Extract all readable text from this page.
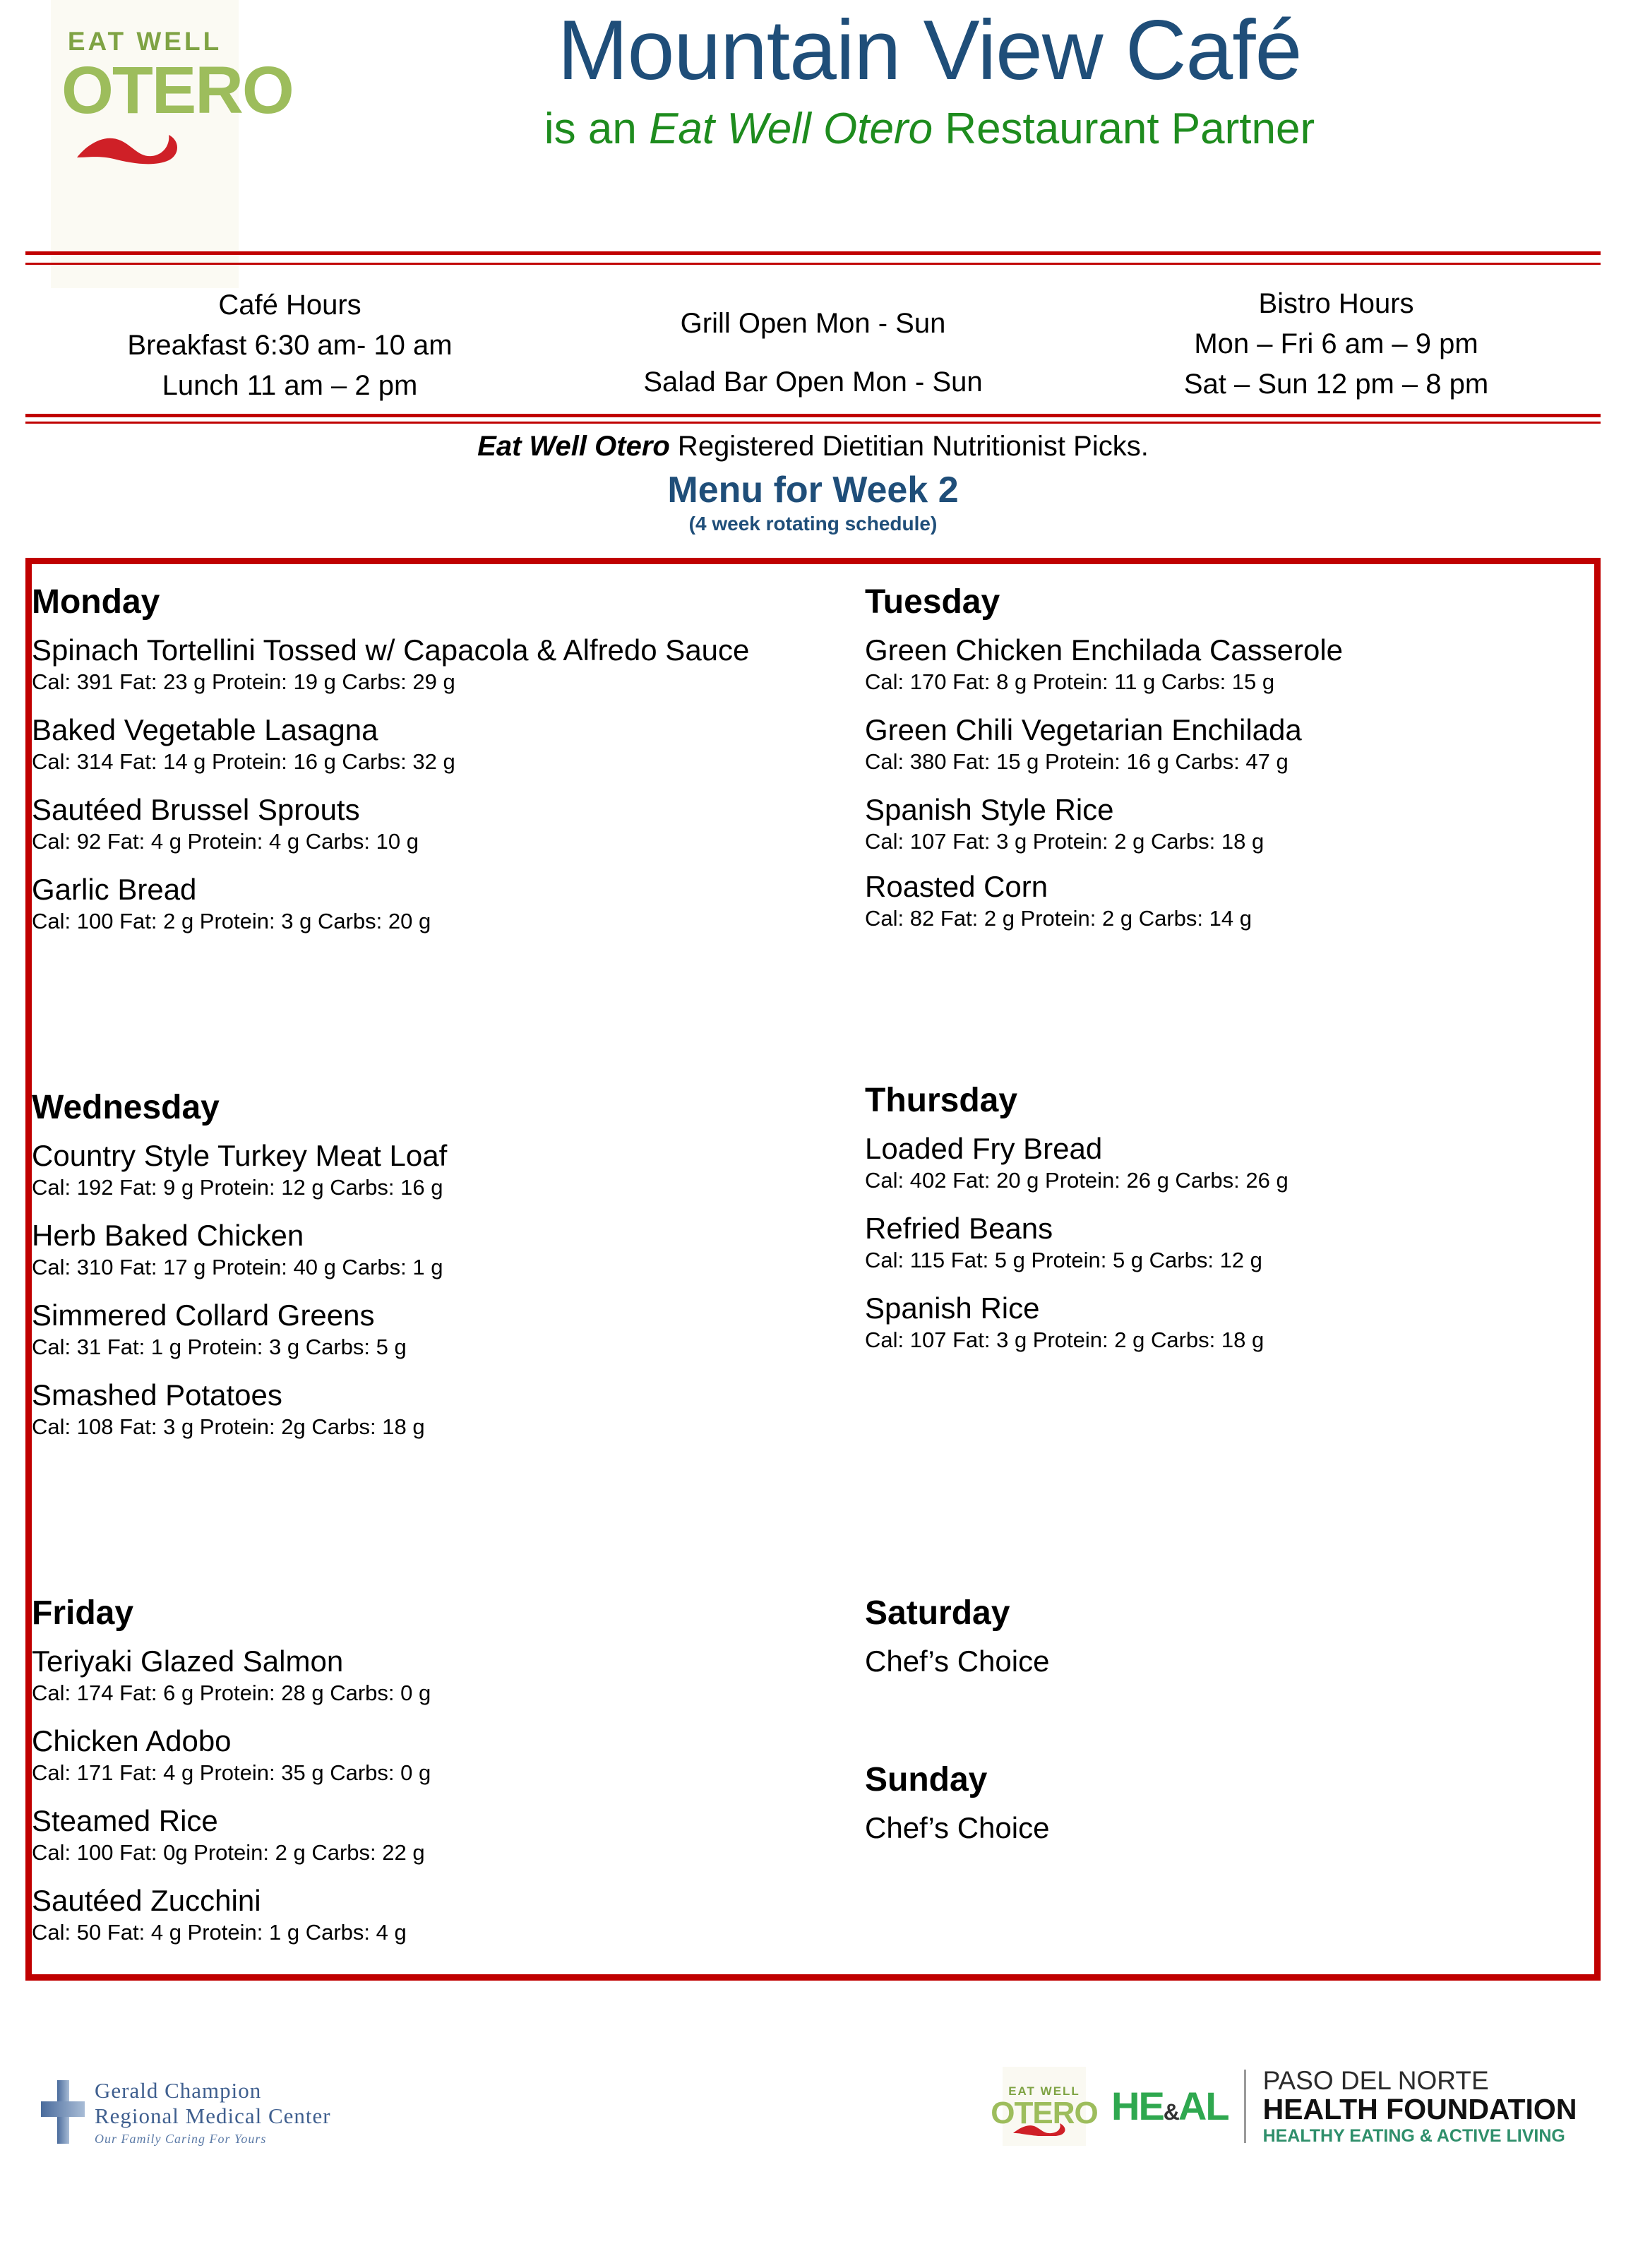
EAT WELL
OTERO	Mountain View Café
is an Eat Well Otero Restaurant Partner
Café Hours
Breakfast 6:30 am- 10 am
Lunch 11 am – 2 pm
Grill Open Mon - Sun
Salad Bar Open Mon - Sun
Bistro Hours
Mon – Fri 6 am – 9 pm
Sat – Sun 12 pm – 8 pm
Eat Well Otero Registered Dietitian Nutritionist Picks.
Menu for Week 2
(4 week rotating schedule)
Monday
Spinach Tortellini Tossed w/ Capacola & Alfredo Sauce
Cal: 391 Fat: 23 g Protein: 19 g Carbs: 29 g
Baked Vegetable Lasagna
Cal: 314 Fat: 14 g Protein: 16 g Carbs: 32 g
Sautéed Brussel Sprouts
Cal: 92 Fat: 4 g Protein: 4 g Carbs: 10 g
Garlic Bread
Cal: 100 Fat: 2 g Protein: 3 g Carbs: 20 g
Wednesday
Country Style Turkey Meat Loaf
Cal: 192 Fat: 9 g Protein: 12 g Carbs: 16 g
Herb Baked Chicken
Cal: 310 Fat: 17 g Protein: 40 g Carbs: 1 g
Simmered Collard Greens
Cal: 31 Fat: 1 g Protein: 3 g Carbs: 5 g
Smashed Potatoes
Cal: 108 Fat: 3 g Protein: 2g Carbs: 18 g
Friday
Teriyaki Glazed Salmon
Cal: 174 Fat: 6 g Protein: 28 g Carbs: 0 g
Chicken Adobo
Cal: 171 Fat: 4 g Protein: 35 g Carbs: 0 g
Steamed Rice
Cal: 100 Fat: 0g Protein: 2 g Carbs: 22 g
Sautéed Zucchini
Cal: 50 Fat: 4 g Protein: 1 g Carbs: 4 g
Tuesday
Green Chicken Enchilada Casserole
Cal: 170 Fat: 8 g Protein: 11 g Carbs: 15 g
Green Chili Vegetarian Enchilada
Cal: 380 Fat: 15 g Protein: 16 g Carbs: 47 g
Spanish Style Rice
Cal: 107 Fat: 3 g Protein: 2 g Carbs: 18 g
Roasted Corn
Cal: 82 Fat: 2 g Protein: 2 g Carbs: 14 g
Thursday
Loaded Fry Bread
Cal: 402 Fat: 20 g Protein: 26 g Carbs: 26 g
Refried Beans
Cal: 115 Fat: 5 g Protein: 5 g Carbs: 12 g
Spanish Rice
Cal: 107 Fat: 3 g Protein: 2 g Carbs: 18 g
Saturday
Chef’s Choice
Sunday
Chef’s Choice
Gerald Champion
Regional Medical Center
Our Family Caring For Yours
EAT WELL
OTERO HE&AL
PASO DEL NORTE
HEALTH FOUNDATION
HEALTHY EATING & ACTIVE LIVING
